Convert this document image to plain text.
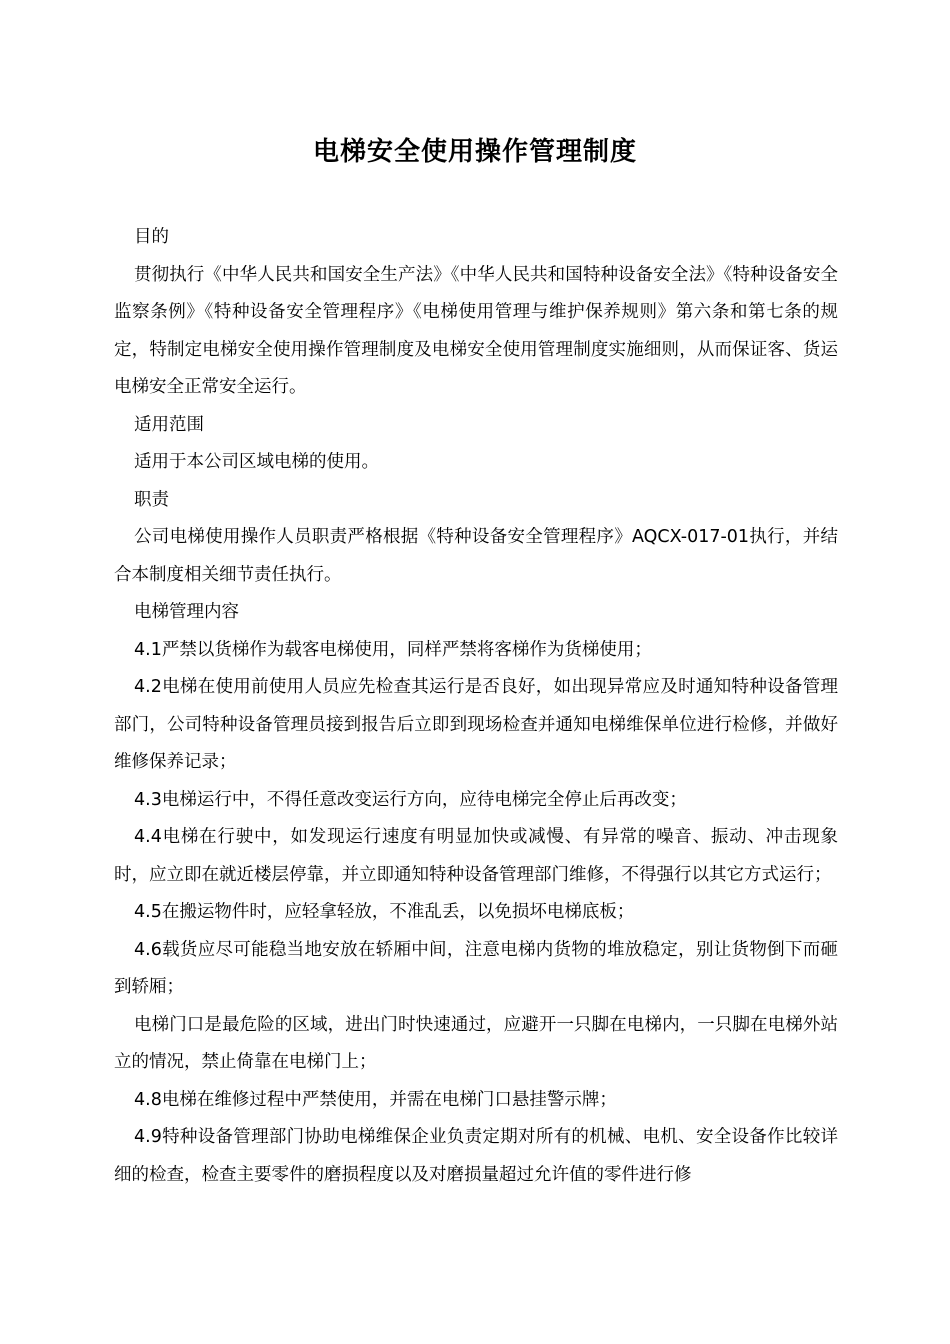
电梯安全使用操作管理制度

目的

贯彻执行《中华人民共和国安全生产法》《中华人民共和国特种设备安全法》《特种设备安全监察条例》《特种设备安全管理程序》《电梯使用管理与维护保养规则》第六条和第七条的规定，特制定电梯安全使用操作管理制度及电梯安全使用管理制度实施细则，从而保证客、货运电梯安全正常安全运行。

适用范围

适用于本公司区域电梯的使用。

职责

公司电梯使用操作人员职责严格根据《特种设备安全管理程序》AQCX-017-01执行，并结合本制度相关细节责任执行。

电梯管理内容

4.1严禁以货梯作为载客电梯使用，同样严禁将客梯作为货梯使用；

4.2电梯在使用前使用人员应先检查其运行是否良好，如出现异常应及时通知特种设备管理部门，公司特种设备管理员接到报告后立即到现场检查并通知电梯维保单位进行检修，并做好维修保养记录；

4.3电梯运行中，不得任意改变运行方向，应待电梯完全停止后再改变；

4.4电梯在行驶中，如发现运行速度有明显加快或减慢、有异常的噪音、振动、冲击现象时，应立即在就近楼层停靠，并立即通知特种设备管理部门维修，不得强行以其它方式运行；

4.5在搬运物件时，应轻拿轻放，不准乱丢，以免损坏电梯底板；

4.6载货应尽可能稳当地安放在轿厢中间，注意电梯内货物的堆放稳定，别让货物倒下而砸到轿厢；

电梯门口是最危险的区域，进出门时快速通过，应避开一只脚在电梯内，一只脚在电梯外站立的情况，禁止倚靠在电梯门上；

4.8电梯在维修过程中严禁使用，并需在电梯门口悬挂警示牌；

4.9特种设备管理部门协助电梯维保企业负责定期对所有的机械、电机、安全设备作比较详细的检查，检查主要零件的磨损程度以及对磨损量超过允许值的零件进行修
